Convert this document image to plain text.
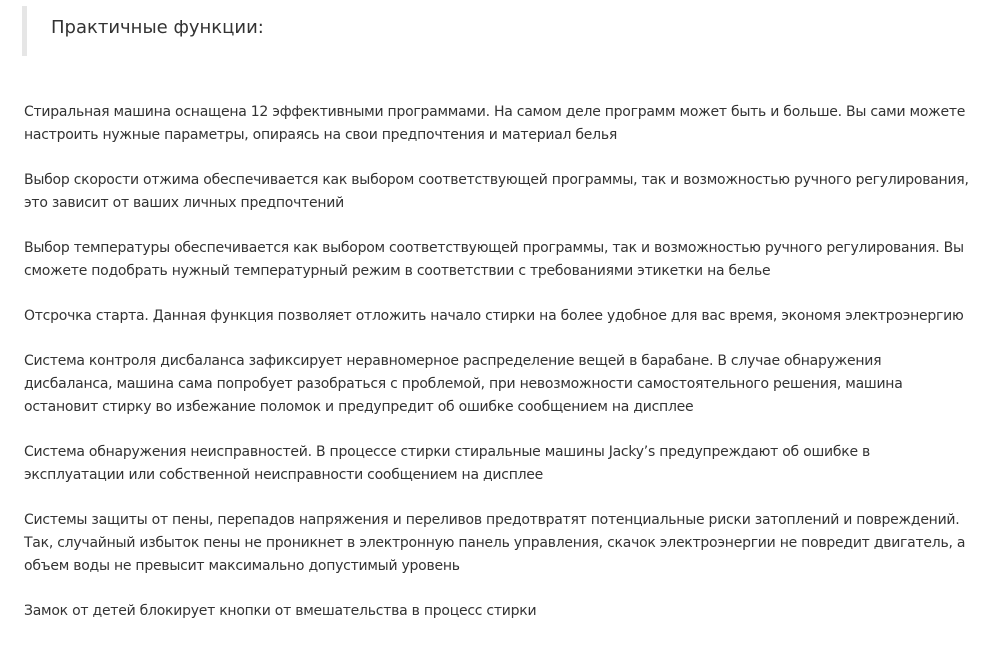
Практичные функции:

Стиральная машина оснащена 12 эффективными программами. На самом деле программ может быть и больше. Вы сами можете настроить нужные параметры, опираясь на свои предпочтения и материал белья

Выбор скорости отжима обеспечивается как выбором соответствующей программы, так и возможностью ручного регулирования, это зависит от ваших личных предпочтений

Выбор температуры обеспечивается как выбором соответствующей программы, так и возможностью ручного регулирования. Вы сможете подобрать нужный температурный режим в соответствии с требованиями этикетки на белье

Отсрочка старта. Данная функция позволяет отложить начало стирки на более удобное для вас время, экономя электроэнергию

Система контроля дисбаланса зафиксирует неравномерное распределение вещей в барабане. В случае обнаружения дисбаланса, машина сама попробует разобраться с проблемой, при невозможности самостоятельного решения, машина остановит стирку во избежание поломок и предупредит об ошибке сообщением на дисплее

Система обнаружения неисправностей. В процессе стирки стиральные машины Jacky’s предупреждают об ошибке в эксплуатации или собственной неисправности сообщением на дисплее

Системы защиты от пены, перепадов напряжения и переливов предотвратят потенциальные риски затоплений и повреждений. Так, случайный избыток пены не проникнет в электронную панель управления, скачок электроэнергии не повредит двигатель, а объем воды не превысит максимально допустимый уровень

Замок от детей блокирует кнопки от вмешательства в процесс стирки
